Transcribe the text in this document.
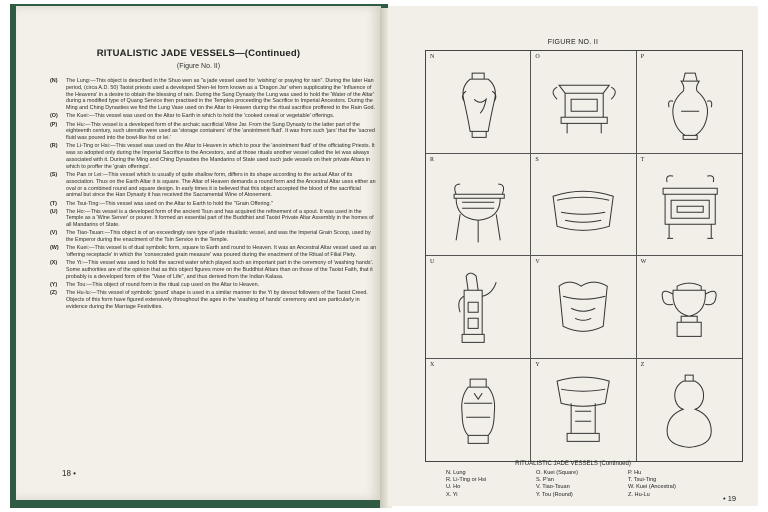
RITUALISTIC JADE VESSELS—(Continued)
(Figure No. II)
(N) The Lung:—This object is described in the Shuo wen as "a jade vessel used for 'wishing' or praying for rain". During the later Han period, (circa A.D. 50) Taoist priests used a developed Shen-lei form known as a 'Dragon Jar' when supplicating the 'Influence of the Heavens' in a desire to obtain the blessing of rain. During the Sung Dynasty the Lung was used to hold the 'Water of the Altar' during a modified type of Quang Service then practised in the Temples proceeding the Sacrifice to Imperial Ancestors. During the Ming and Ching Dynasties we find the Lung Vase used on the Altar to Heaven during the ritual sacrifice proffered to the Rain God.
(O) The Kuei:—This vessel was used on the Altar to Earth in which to hold the 'cooked cereal or vegetable' offerings.
(P) The Hu:—This vessel is a developed form of the archaic sacrificial Wine Jar. From the Sung Dynasty to the latter part of the eighteenth century, such utensils were used as 'storage containers' of the 'anointment fluid'. It was from such 'jars' that the 'sacred fluid was poured into the bowl-like hsi or lei.'
(R) The Li-Ting or Hsi:—This vessel was used on the Altar to Heaven in which to pour the 'anointment fluid' of the officiating Priests. It was so adopted only during the Imperial Sacrifice to the Ancestors, and at those rituals another vessel called the lei was always associated with it. During the Ming and Ching Dynasties the Mandarins of State used such jade vessels on their private Altars in which to proffer the 'grain offerings'.
(S) The Pan or Lei:—This vessel which is usually of quite shallow form, differs in its shape according to the actual Altar of its association. Thus on the Earth Altar it is square. The Altar of Heaven demands a round form and the Ancestral Altar uses either an oval or a combined round and square design. In early times it is believed that this object accepted the blood of the sacrificial animal but since the Han Dynasty it has received the Sacramental Wine of Atonement.
(T) The Tsui-Ting:—This vessel was used on the Altar to Earth to hold the "Grain Offering."
(U) The Ho:—This vessel is a developed form of the ancient Tsun and has acquired the refinement of a spout. It was used in the Temple as a 'Wine Server' or pourer. It formed an essential part of the Buddhist and Taoist Private Altar Assembly in the homes of all Mandarins of State.
(V) The Tiao-Tsuan:—This object is of an exceedingly rare type of jade ritualistic vessel, and was the Imperial Grain Scoop, used by the Emperor during the enactment of the Tsin Service in the Temple.
(W) The Kuei:—This vessel is of dual symbolic form, square to Earth and round to Heaven. It was an Ancestral Altar vessel used as an 'offering receptacle' in which the 'consecrated grain measure' was poured during the enactment of the Ritual of Filial Piety.
(X) The Yi:—This vessel was used to hold the sacred water which played such an important part in the ceremony of 'washing hands'. Some authorities are of the opinion that as this object figures more on the Buddhist Altars than on those of the Taoist Faith, that it probably is a developed form of the "Vase of Life", and thus derived from the Indian Kalasa.
(Y) The Tou:—This object of round form is the ritual cup used on the Altar to Heaven.
(Z) The Hu-lu:—This vessel of symbolic 'gourd' shape is used in a similar manner to the Yi by devout followers of the Taoist Creed. Objects of this form have figured extensively throughout the ages in the 'washing of hands' ceremony and are particularly in evidence during the Marriage Festivities.
18 •
FIGURE NO. II
N	O	P
R	S	T
U	V	W
X	Y	Z
RITUALISTIC JADE VESSELS (Continued)
N. Lung	O. Kuei (Square)	P. Hu
R. Li-Ting or Hsi	S. P'an	T. Tsui-Ting
U. Ho	V. Tiao-Tsuan	W. Kuei (Ancestral)
X. Yi	Y. Tou (Round)	Z. Hu-Lu	• 19
